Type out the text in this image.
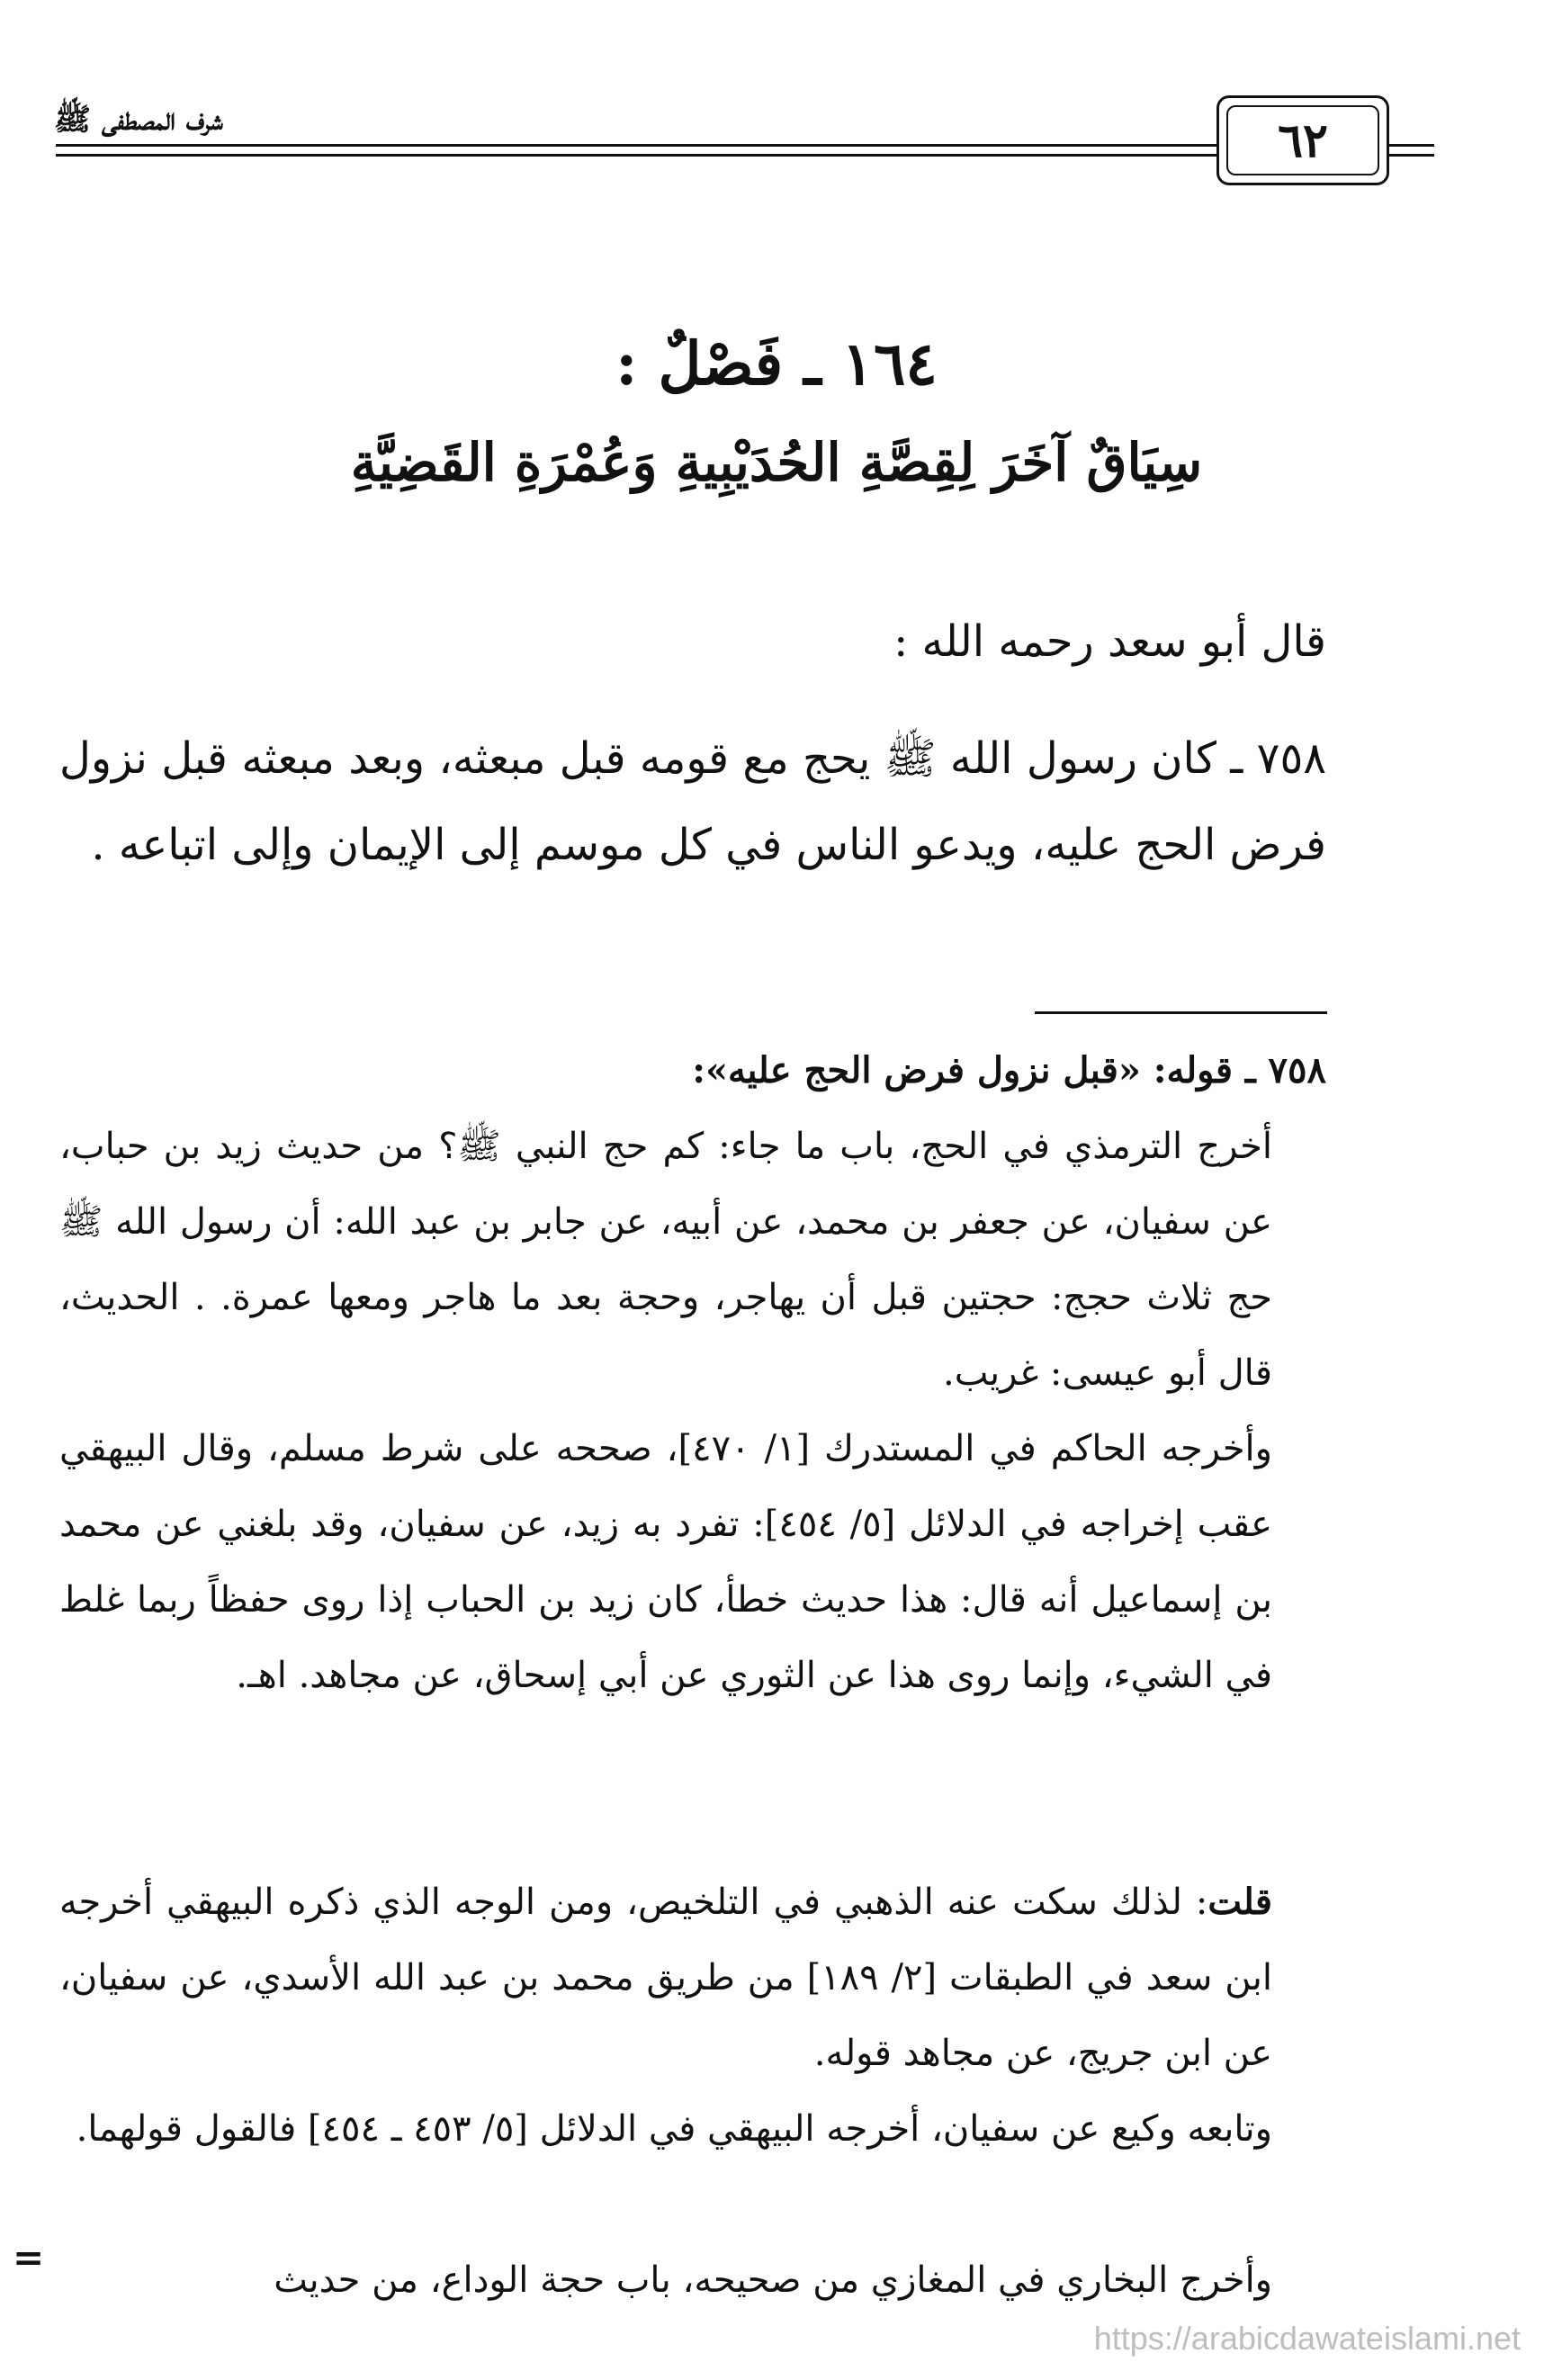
شرف المصطفى ﷺ	٦٢
١٦٤ ـ فَصْلٌ :
سِيَاقٌ آخَرَ لِقِصَّةِ الحُدَيْبِيةِ وَعُمْرَةِ القَضِيَّةِ
قال أبو سعد رحمه الله :
٧٥٨ ـ كان رسول الله ﷺ يحج مع قومه قبل مبعثه، وبعد مبعثه قبل نزول فرض الحج عليه، ويدعو الناس في كل موسم إلى الإيمان وإلى اتباعه .
٧٥٨ ـ قوله: «قبل نزول فرض الحج عليه»:
أخرج الترمذي في الحج، باب ما جاء: كم حج النبي ﷺ؟ من حديث زيد بن حباب، عن سفيان، عن جعفر بن محمد، عن أبيه، عن جابر بن عبد الله: أن رسول الله ﷺ حج ثلاث حجج: حجتين قبل أن يهاجر، وحجة بعد ما هاجر ومعها عمرة. . الحديث، قال أبو عيسى: غريب.

وأخرجه الحاكم في المستدرك [١/ ٤٧٠]، صححه على شرط مسلم، وقال البيهقي عقب إخراجه في الدلائل [٥/ ٤٥٤]: تفرد به زيد، عن سفيان، وقد بلغني عن محمد بن إسماعيل أنه قال: هذا حديث خطأ، كان زيد بن الحباب إذا روى حفظاً ربما غلط في الشيء، وإنما روى هذا عن الثوري عن أبي إسحاق، عن مجاهد. اهـ.

قلت: لذلك سكت عنه الذهبي في التلخيص، ومن الوجه الذي ذكره البيهقي أخرجه ابن سعد في الطبقات [٢/ ١٨٩] من طريق محمد بن عبد الله الأسدي، عن سفيان، عن ابن جريج، عن مجاهد قوله.

وتابعه وكيع عن سفيان، أخرجه البيهقي في الدلائل [٥/ ٤٥٣ ـ ٤٥٤] فالقول قولهما.

وأخرج البخاري في المغازي من صحيحه، باب حجة الوداع، من حديث

=
https://arabicdawateislami.net
